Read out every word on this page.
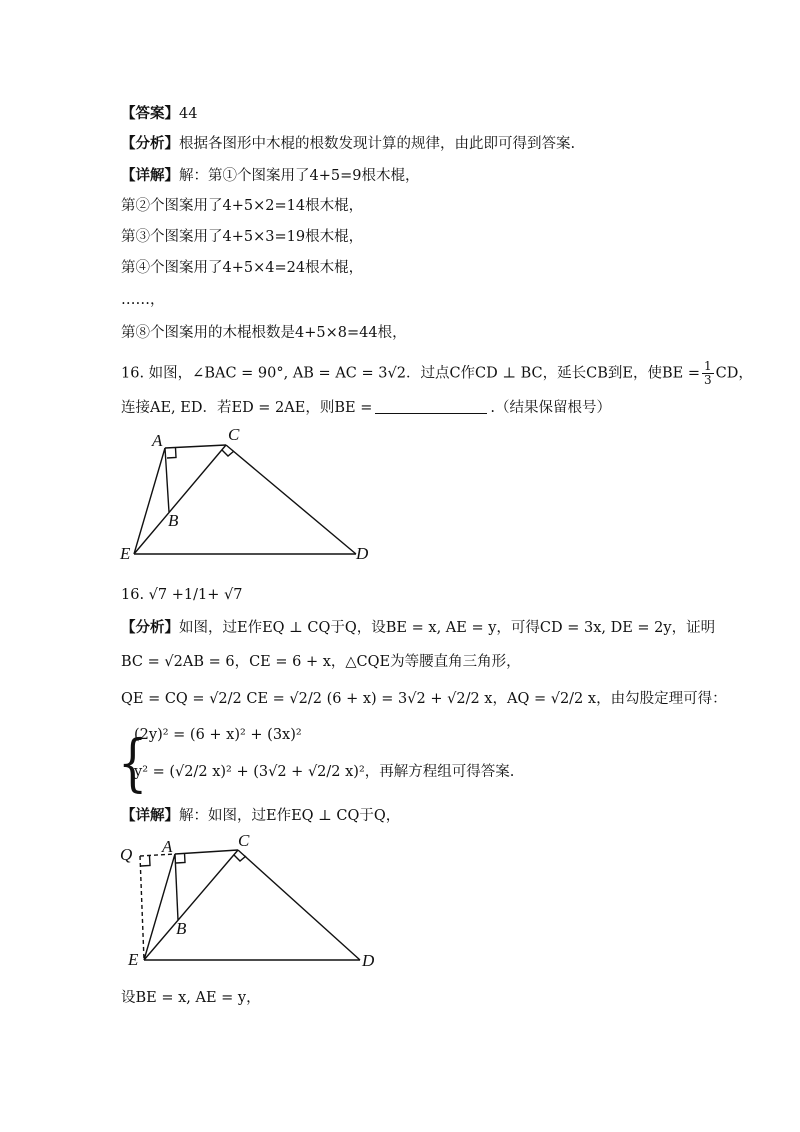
【答案】44
【分析】根据各图形中木棍的根数发现计算的规律，由此即可得到答案.
【详解】解：第①个图案用了4+5=9根木棍，
第②个图案用了4+5×2=14根木棍，
第③个图案用了4+5×3=19根木棍，
第④个图案用了4+5×4=24根木棍，
……，
第⑧个图案用的木棍根数是4+5×8=44根，
16. 如图，∠BAC = 90°, AB = AC = 3√2．过点C作CD ⊥ BC，延长CB到E，使BE = $\frac{1}{3}$ CD，
连接AE, ED．若ED = 2AE，则BE =	.（结果保留根号）
A	C
B
E	D
16. √7 +1/1+ √7
【分析】如图，过E作EQ ⊥ CQ于Q，设BE = x, AE = y，可得CD = 3x, DE = 2y，证明
BC = √2AB = 6，CE = 6 + x，△CQE为等腰直角三角形，
QE = CQ = √2/2 CE = √2/2 (6 + x) = 3√2 + √2/2 x，AQ = √2/2 x，由勾股定理可得：
{
(2y)² = (6 + x)² + (3x)²
y² = (√2/2 x)² + (3√2 + √2/2 x)²，再解方程组可得答案.
【详解】解：如图，过E作EQ ⊥ CQ于Q，
Q A	C
B
E	D
设BE = x, AE = y，
